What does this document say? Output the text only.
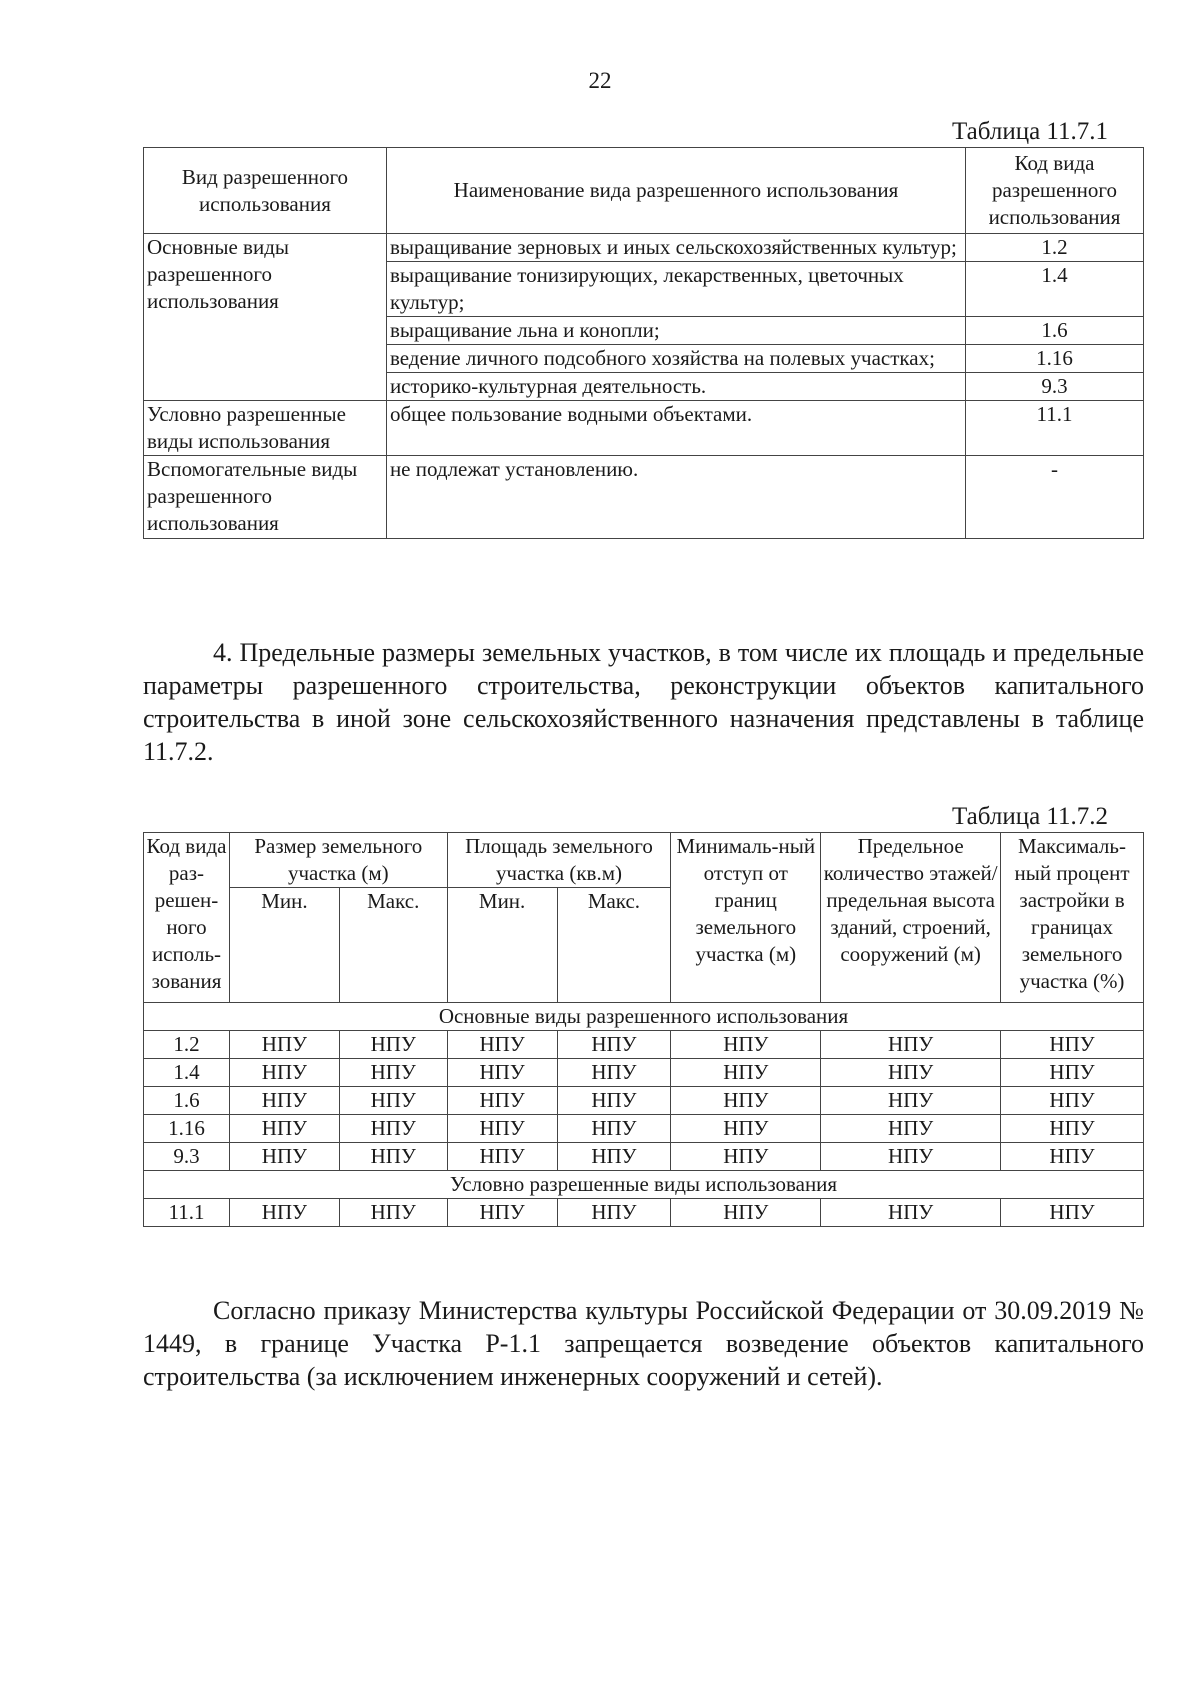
22
Таблица 11.7.1
Вид разрешенного использования	Наименование вида разрешенного использования	Код вида разрешенного использования
Основные виды разрешенного использования	выращивание зерновых и иных сельскохозяйственных культур;	1.2
	выращивание тонизирующих, лекарственных, цветочных культур;	1.4
	выращивание льна и конопли;	1.6
	ведение личного подсобного хозяйства на полевых участках;	1.16
	историко-культурная деятельность.	9.3
Условно разрешенные виды использования	общее пользование водными объектами.	11.1
Вспомогательные виды разрешенного использования	не подлежат установлению.	-

4. Предельные размеры земельных участков, в том числе их площадь и предельные параметры разрешенного строительства, реконструкции объектов капитального строительства в иной зоне сельскохозяйственного назначения представлены в таблице 11.7.2.

Таблица 11.7.2
Код вида раз-решен-ного исполь-зования	Размер земельного участка (м)		Площадь земельного участка (кв.м)		Минималь-ный отступ от границ земельного участка (м)	Предельное количество этажей/ предельная высота зданий, строений, сооружений (м)	Максималь-ный процент застройки в границах земельного участка (%)
	Мин.	Макс.	Мин.	Макс.			
Основные виды разрешенного использования							
1.2	НПУ	НПУ	НПУ	НПУ	НПУ	НПУ	НПУ
1.4	НПУ	НПУ	НПУ	НПУ	НПУ	НПУ	НПУ
1.6	НПУ	НПУ	НПУ	НПУ	НПУ	НПУ	НПУ
1.16	НПУ	НПУ	НПУ	НПУ	НПУ	НПУ	НПУ
9.3	НПУ	НПУ	НПУ	НПУ	НПУ	НПУ	НПУ
Условно разрешенные виды использования							
11.1	НПУ	НПУ	НПУ	НПУ	НПУ	НПУ	НПУ

Согласно приказу Министерства культуры Российской Федерации от 30.09.2019 № 1449, в границе Участка Р-1.1 запрещается возведение объектов капитального строительства (за исключением инженерных сооружений и сетей).
